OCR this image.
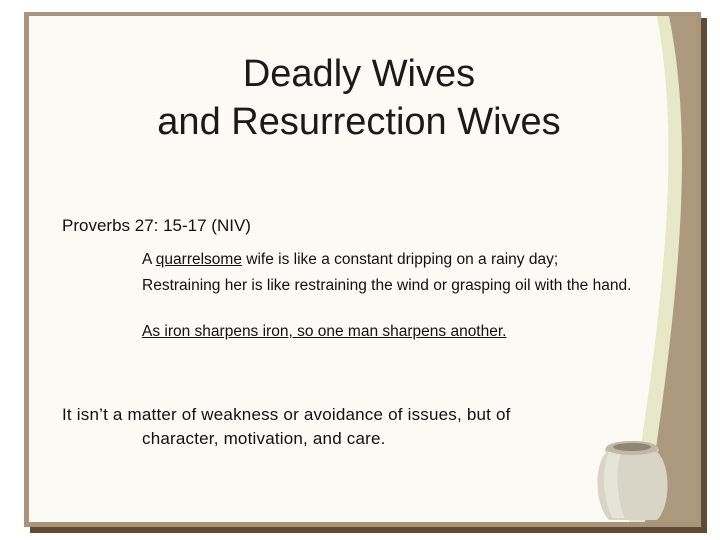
Deadly Wives
and Resurrection Wives
Proverbs 27: 15-17 (NIV)
A quarrelsome wife is like a constant dripping on a rainy day;
Restraining her is like restraining the wind or grasping oil with the hand.
As iron sharpens iron, so one man sharpens another.
It isn’t a matter of weakness or avoidance of issues, but of
character, motivation, and care.
